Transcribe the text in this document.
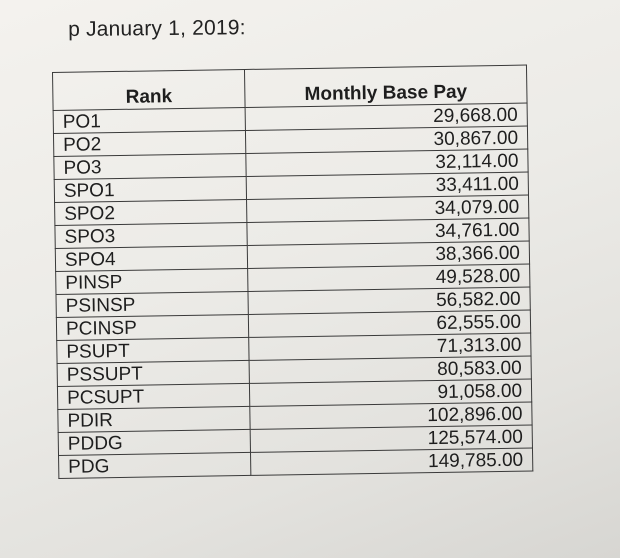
p January 1, 2019:
Rank	Monthly Base Pay
PO1	29,668.00
PO2	30,867.00
PO3	32,114.00
SPO1	33,411.00
SPO2	34,079.00
SPO3	34,761.00
SPO4	38,366.00
PINSP	49,528.00
PSINSP	56,582.00
PCINSP	62,555.00
PSUPT	71,313.00
PSSUPT	80,583.00
PCSUPT	91,058.00
PDIR	102,896.00
PDDG	125,574.00
PDG	149,785.00
